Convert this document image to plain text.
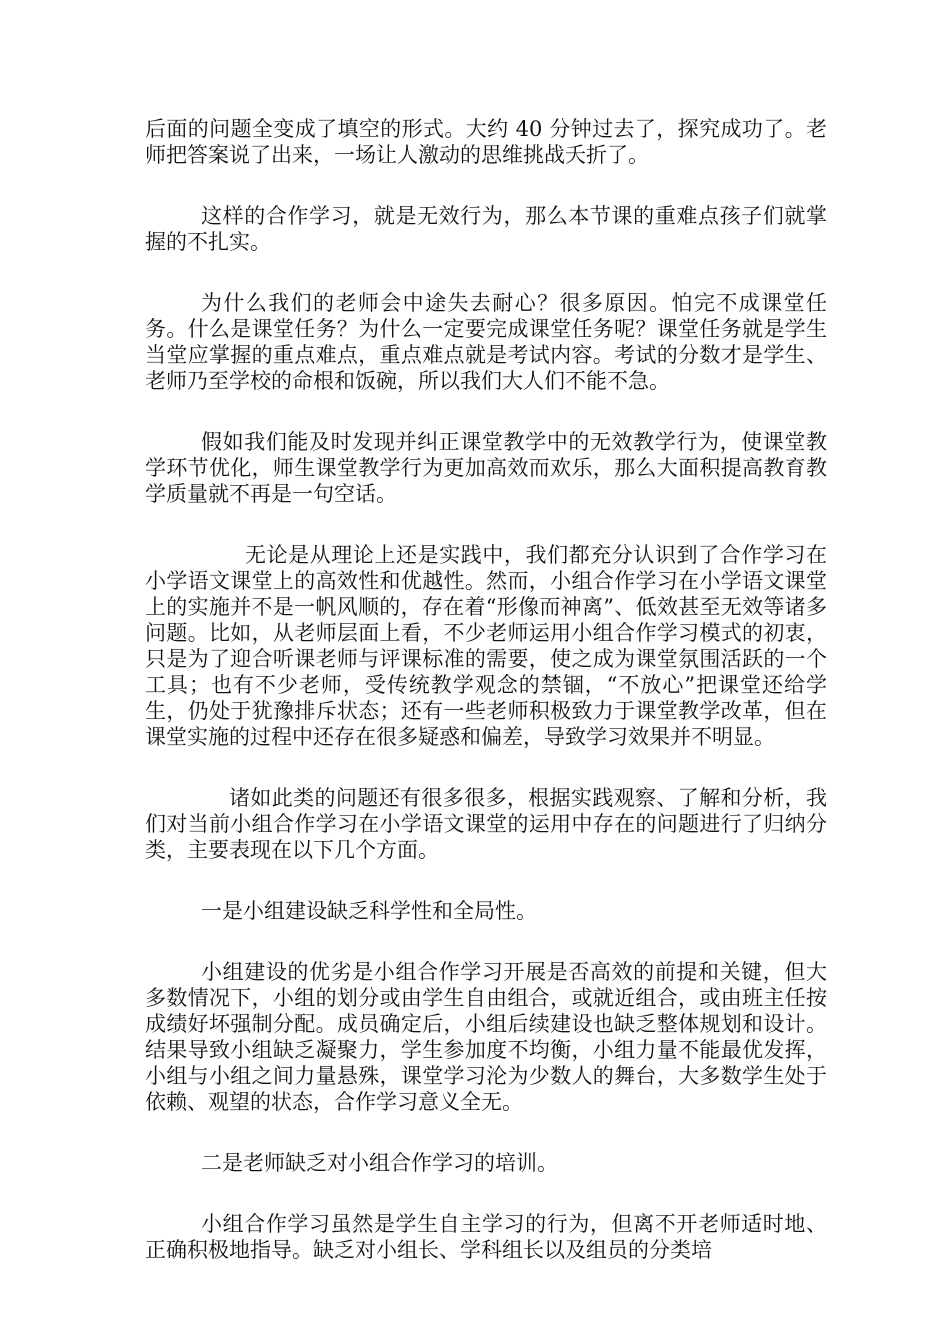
后面的问题全变成了填空的形式。大约 40 分钟过去了，探究成功了。老师把答案说了出来，一场让人激动的思维挑战夭折了。

这样的合作学习，就是无效行为，那么本节课的重难点孩子们就掌握的不扎实。

为什么我们的老师会中途失去耐心？很多原因。怕完不成课堂任务。什么是课堂任务？为什么一定要完成课堂任务呢？课堂任务就是学生当堂应掌握的重点难点，重点难点就是考试内容。考试的分数才是学生、老师乃至学校的命根和饭碗，所以我们大人们不能不急。

假如我们能及时发现并纠正课堂教学中的无效教学行为，使课堂教学环节优化，师生课堂教学行为更加高效而欢乐，那么大面积提高教育教学质量就不再是一句空话。

无论是从理论上还是实践中，我们都充分认识到了合作学习在小学语文课堂上的高效性和优越性。然而，小组合作学习在小学语文课堂上的实施并不是一帆风顺的，存在着“形像而神离”、低效甚至无效等诸多问题。比如，从老师层面上看，不少老师运用小组合作学习模式的初衷，只是为了迎合听课老师与评课标准的需要，使之成为课堂氛围活跃的一个工具；也有不少老师，受传统教学观念的禁锢，“不放心”把课堂还给学生，仍处于犹豫排斥状态；还有一些老师积极致力于课堂教学改革，但在课堂实施的过程中还存在很多疑惑和偏差，导致学习效果并不明显。

诸如此类的问题还有很多很多，根据实践观察、了解和分析，我们对当前小组合作学习在小学语文课堂的运用中存在的问题进行了归纳分类，主要表现在以下几个方面。

一是小组建设缺乏科学性和全局性。

小组建设的优劣是小组合作学习开展是否高效的前提和关键，但大多数情况下，小组的划分或由学生自由组合，或就近组合，或由班主任按成绩好坏强制分配。成员确定后，小组后续建设也缺乏整体规划和设计。结果导致小组缺乏凝聚力，学生参加度不均衡，小组力量不能最优发挥，小组与小组之间力量悬殊，课堂学习沦为少数人的舞台，大多数学生处于依赖、观望的状态，合作学习意义全无。

二是老师缺乏对小组合作学习的培训。

小组合作学习虽然是学生自主学习的行为，但离不开老师适时地、正确积极地指导。缺乏对小组长、学科组长以及组员的分类培
